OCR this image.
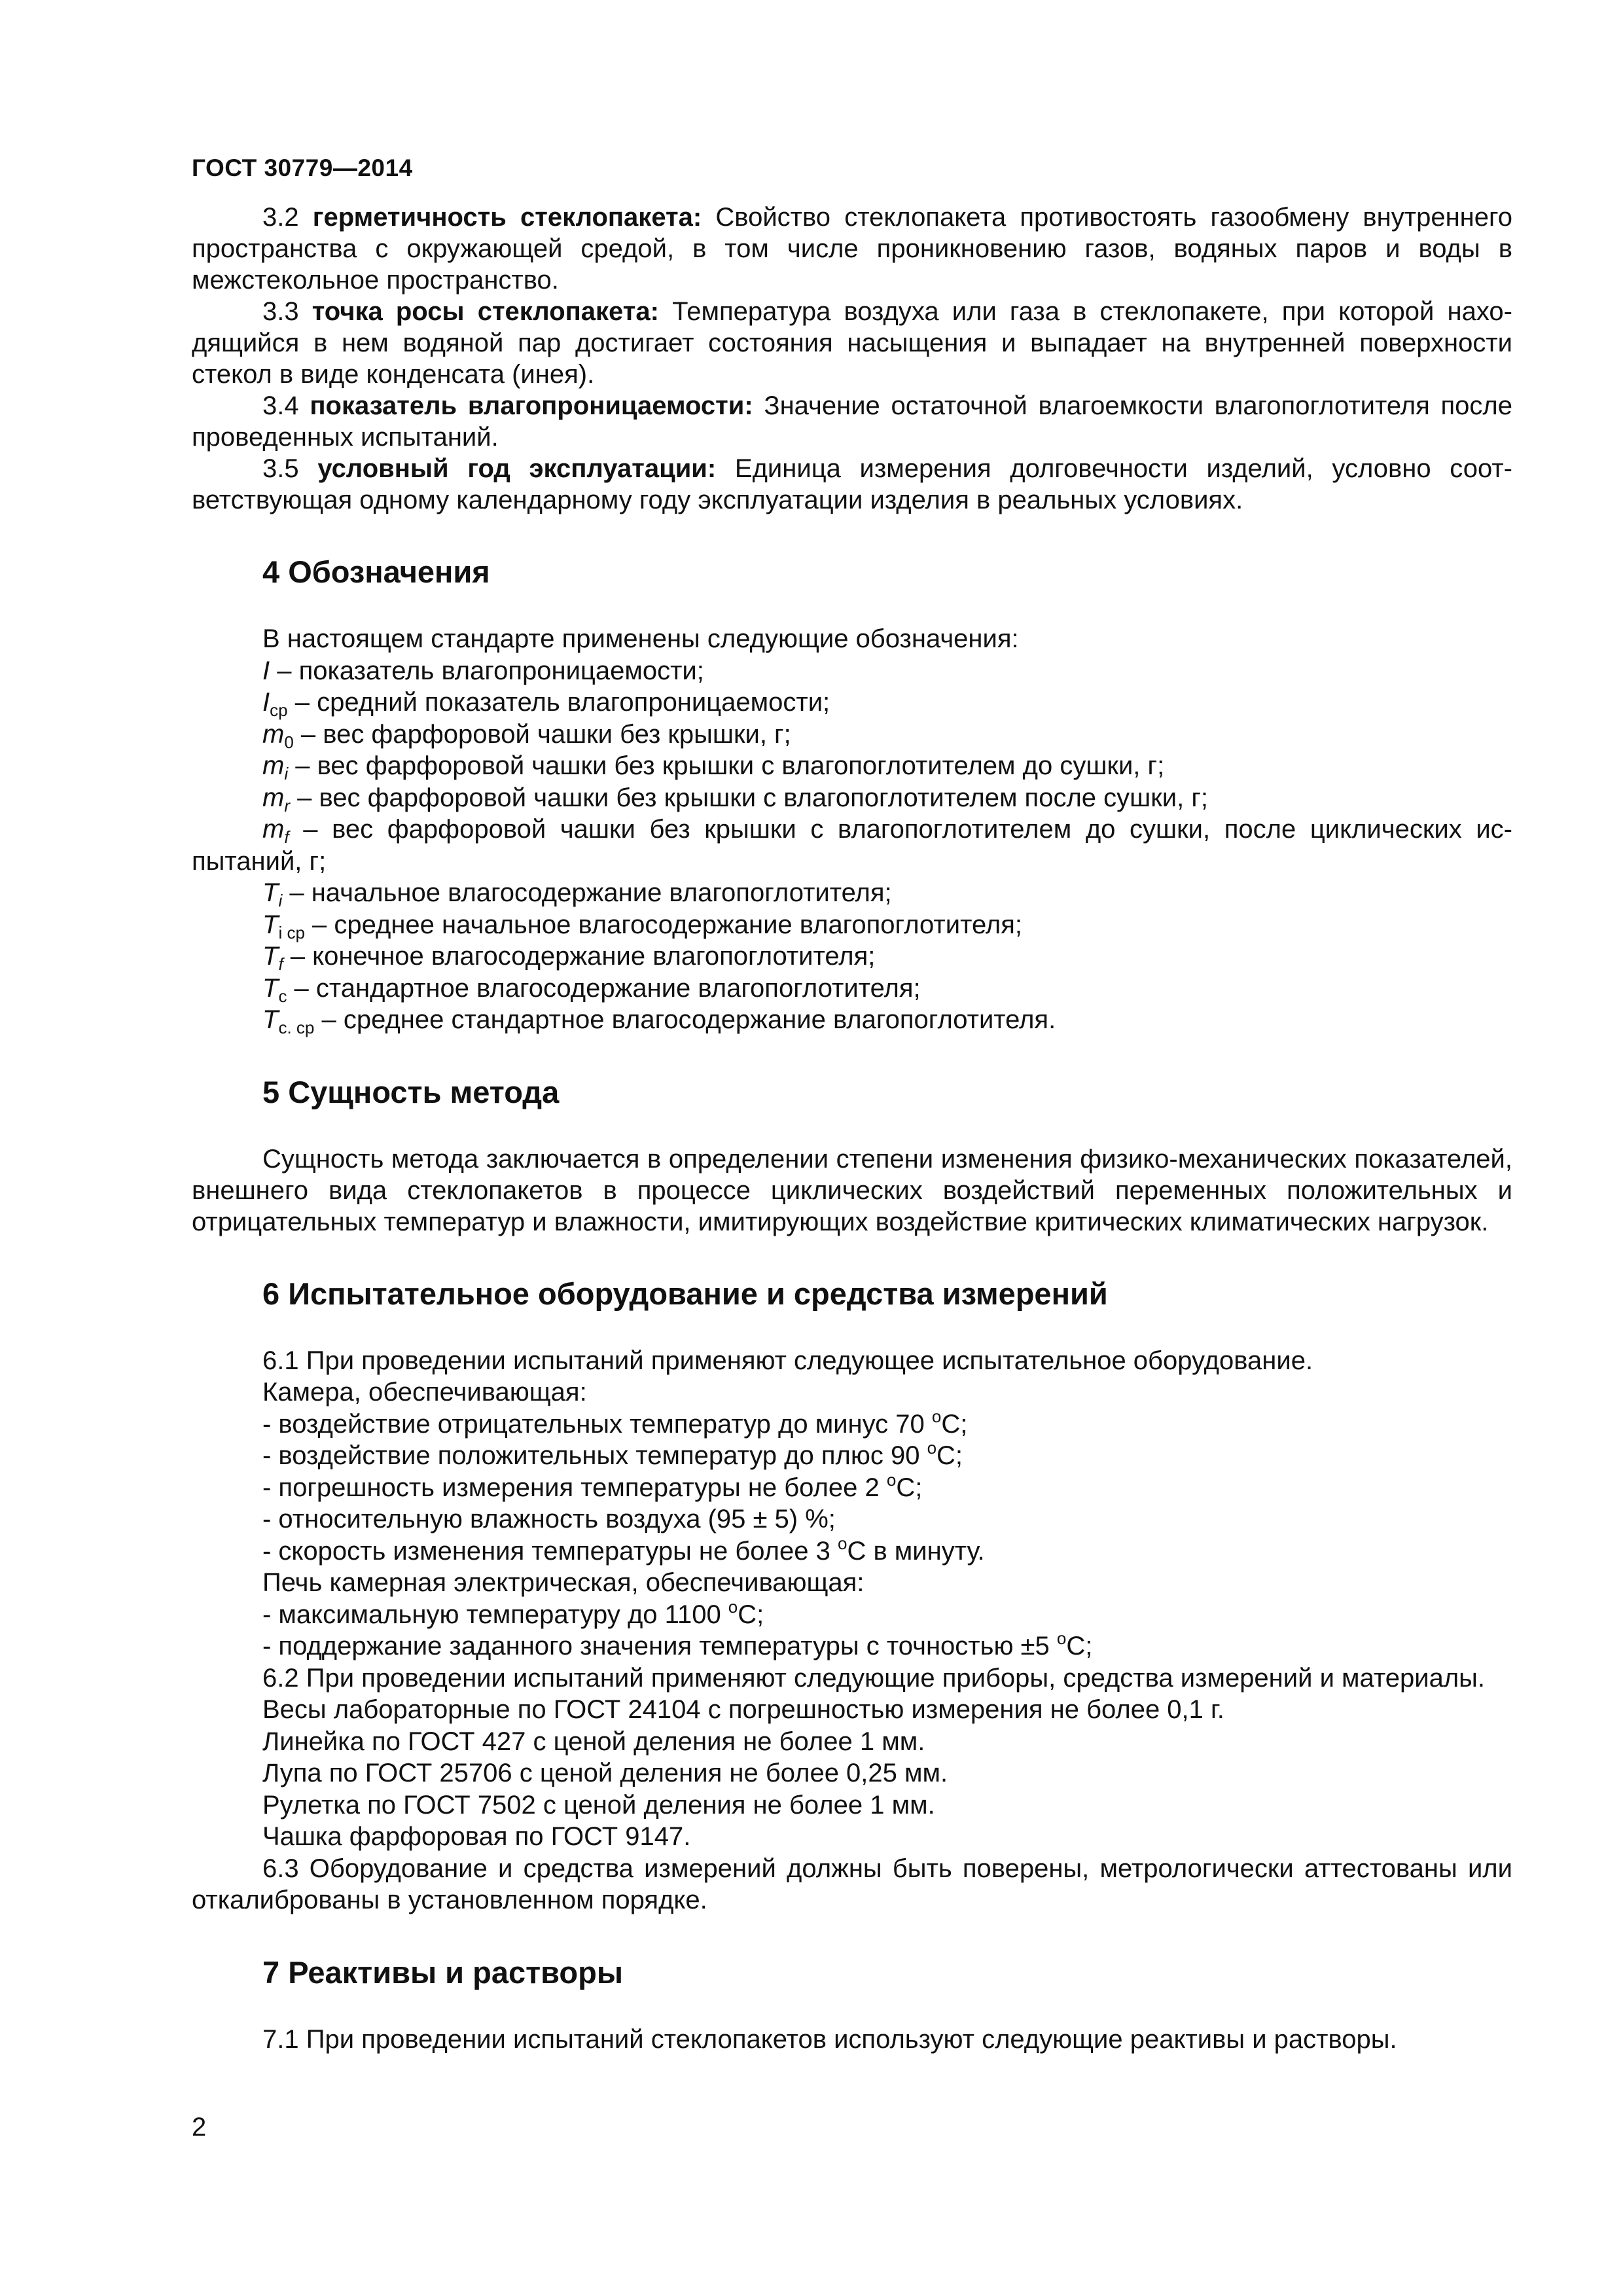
ГОСТ 30779—2014

3.2 герметичность стеклопакета: Свойство стеклопакета противостоять газообмену внутреннего пространства с окружающей средой, в том числе проникновению газов, водяных паров и воды в межстекольное пространство.

3.3 точка росы стеклопакета: Температура воздуха или газа в стеклопакете, при которой находящийся в нем водяной пар достигает состояния насыщения и выпадает на внутренней поверхности стекол в виде конденсата (инея).

3.4 показатель влагопроницаемости: Значение остаточной влагоемкости влагопоглотителя после проведенных испытаний.

3.5 условный год эксплуатации: Единица измерения долговечности изделий, условно соответствующая одному календарному году эксплуатации изделия в реальных условиях.

4 Обозначения
В настоящем стандарте применены следующие обозначения:
I – показатель влагопроницаемости;
$I_{ср}$ – средний показатель влагопроницаемости;
$m_0$ – вес фарфоровой чашки без крышки, г;
$m_i$ – вес фарфоровой чашки без крышки с влагопоглотителем до сушки, г;
$m_r$ – вес фарфоровой чашки без крышки с влагопоглотителем после сушки, г;
$m_f$ – вес фарфоровой чашки без крышки с влагопоглотителем до сушки, после циклических испытаний, г;
$T_i$ – начальное влагосодержание влагопоглотителя;
$T_{i ср}$ – среднее начальное влагосодержание влагопоглотителя;
$T_f$ – конечное влагосодержание влагопоглотителя;
$T_c$ – стандартное влагосодержание влагопоглотителя;
$T_{c. ср}$ – среднее стандартное влагосодержание влагопоглотителя.
5 Сущность метода

Сущность метода заключается в определении степени изменения физико-механических показателей, внешнего вида стеклопакетов в процессе циклических воздействий переменных положительных и отрицательных температур и влажности, имитирующих воздействие критических климатических нагрузок.

6 Испытательное оборудование и средства измерений
6.1 При проведении испытаний применяют следующее испытательное оборудование.
Камера, обеспечивающая:
- воздействие отрицательных температур до минус 70 $^o$С;
- воздействие положительных температур до плюс 90 $^o$С;
- погрешность измерения температуры не более 2 $^o$С;
- относительную влажность воздуха (95 ± 5) %;
- скорость изменения температуры не более 3 $^o$С в минуту.
Печь камерная электрическая, обеспечивающая:
- максимальную температуру до 1100 $^o$С;
- поддержание заданного значения температуры с точностью ±5 $^o$С;
6.2 При проведении испытаний применяют следующие приборы, средства измерений и материалы.
Весы лабораторные по ГОСТ 24104 с погрешностью измерения не более 0,1 г.
Линейка по ГОСТ 427 с ценой деления не более 1 мм.
Лупа по ГОСТ 25706 с ценой деления не более 0,25 мм.
Рулетка по ГОСТ 7502 с ценой деления не более 1 мм.
Чашка фарфоровая по ГОСТ 9147.
6.3 Оборудование и средства измерений должны быть поверены, метрологически аттестованы или откалиброваны в установленном порядке.
7 Реактивы и растворы
7.1 При проведении испытаний стеклопакетов используют следующие реактивы и растворы.
2
